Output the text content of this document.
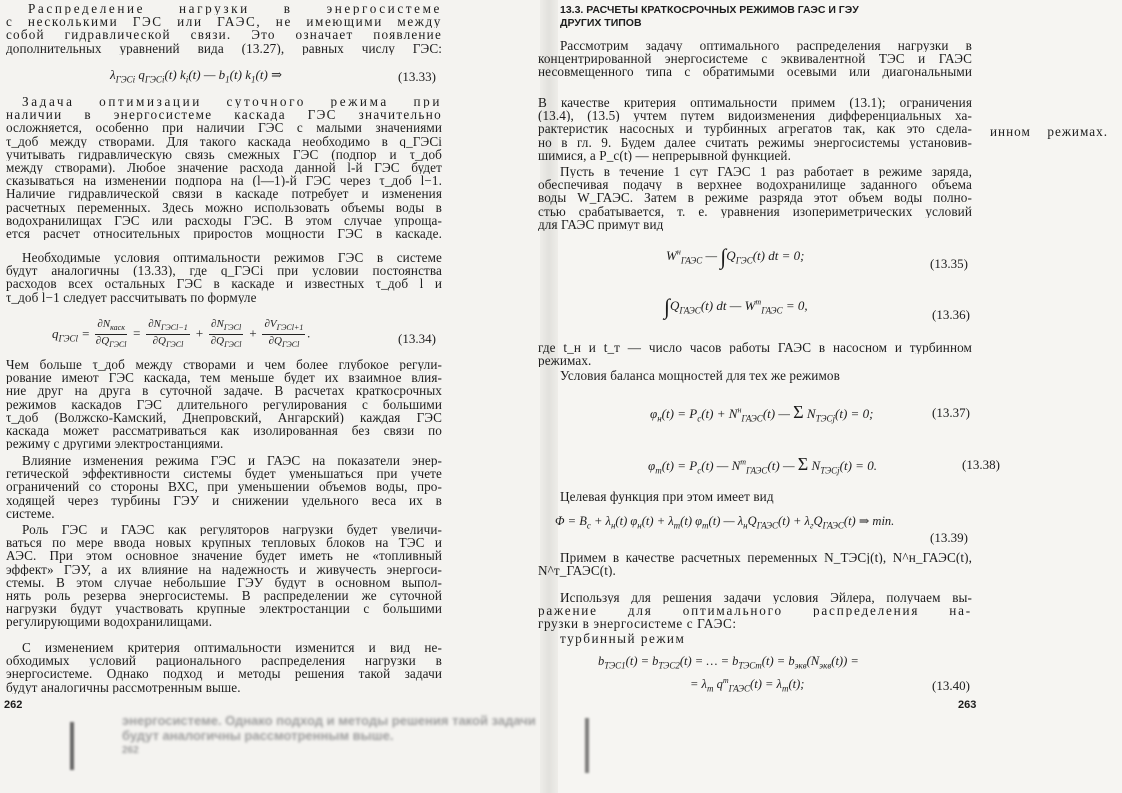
Распределение нагрузки в энергосистеме
с несколькими ГЭС или ГАЭС, не имеющими между
собой гидравлической связи. Это означает появление
дополнительных уравнений вида (13.27), равных числу ГЭС:
$\lambda_{ГЭСi}$ $q_{ГЭСi}(t)$ $k_i(t)$ — $b_1(t)$ $k_1(t)$ ⇒	(13.33)
Задача оптимизации суточного режима при
наличии в энергосистеме каскада ГЭС значительно
осложняется, особенно при наличии ГЭС с малыми значениями
τ_доб между створами. Для такого каскада необходимо в q_ГЭСi
учитывать гидравлическую связь смежных ГЭС (подпор и τ_доб
между створами). Любое значение расхода данной l-й ГЭС будет
сказываться на изменении подпора на (l—1)-й ГЭС через τ_доб l−1.
Наличие гидравлической связи в каскаде потребует и изменения
расчетных переменных. Здесь можно использовать объемы воды в
водохранилищах ГЭС или расходы ГЭС. В этом случае упроща-
ется расчет относительных приростов мощности ГЭС в каскаде.
Необходимые условия оптимальности режимов ГЭС в системе
будут аналогичны (13.33), где q_ГЭСi при условии постоянства
расходов всех остальных ГЭС в каскаде и известных τ_доб l и
τ_доб l−1 следует рассчитывать по формуле
$q_{ГЭСl} = \frac{\partial N_{каск}}{\partial Q_{ГЭСl}} = \frac{\partial N_{ГЭСl-1}}{\partial Q_{ГЭСl}} + \frac{\partial N_{ГЭСl}}{\partial Q_{ГЭСl}} + \frac{\partial V_{ГЭСl+1}}{\partial Q_{ГЭСl}}$ .	(13.34)
Чем больше τ_доб между створами и чем более глубокое регули-
рование имеют ГЭС каскада, тем меньше будет их взаимное влия-
ние друг на друга в суточной задаче. В расчетах краткосрочных
режимов каскадов ГЭС длительного регулирования с большими
τ_доб (Волжско-Камский, Днепровский, Ангарский) каждая ГЭС
каскада может рассматриваться как изолированная без связи по
режиму с другими электростанциями.
Влияние изменения режима ГЭС и ГАЭС на показатели энер-
гетической эффективности системы будет уменьшаться при учете
ограничений со стороны ВХС, при уменьшении объемов воды, про-
ходящей через турбины ГЭУ и снижении удельного веса их в
системе.
Роль ГЭС и ГАЭС как регуляторов нагрузки будет увеличи-
ваться по мере ввода новых крупных тепловых блоков на ТЭС и
АЭС. При этом основное значение будет иметь не «топливный
эффект» ГЭУ, а их влияние на надежность и живучесть энергоси-
стемы. В этом случае небольшие ГЭУ будут в основном выпол-
нять роль резерва энергосистемы. В распределении же суточной
нагрузки будут участвовать крупные электростанции с большими
регулирующими водохранилищами.
С изменением критерия оптимальности изменится и вид не-
обходимых условий рационального распределения нагрузки в
энергосистеме. Однако подход и методы решения такой задачи
будут аналогичны рассмотренным выше.
262
энергосистеме. Однако подход и методы решения такой задачи
будут аналогичны рассмотренным выше.
262
13.3. РАСЧЕТЫ КРАТКОСРОЧНЫХ РЕЖИМОВ ГАЭС И ГЭУ
ДРУГИХ ТИПОВ
Рассмотрим задачу оптимального распределения нагрузки в
концентрированной энергосистеме с эквивалентной ТЭС и ГАЭС
несовмещенного типа с обратимыми осевыми или диагональными
инном режимах.
В качестве критерия оптимальности примем (13.1); ограничения
(13.4), (13.5) учтем путем видоизменения дифференциальных ха-
рактеристик насосных и турбинных агрегатов так, как это сдела-
но в гл. 9. Будем далее считать режимы энергосистемы установив-
шимися, а P_c(t) — непрерывной функцией.
Пусть в течение 1 сут ГАЭС 1 раз работает в режиме заряда,
обеспечивая подачу в верхнее водохранилище заданного объема
воды W_ГАЭС. Затем в режиме разряда этот объем воды полно-
стью срабатывается, т. е. уравнения изопериметрических условий
для ГАЭС примут вид
$W^н_{ГАЭС}$ — $\int Q_{ГЭС}(t)$ dt = 0;
(13.35)
$\int Q_{ГАЭС}(t)$ dt — $W^т_{ГАЭС} = 0$,
(13.36)
где t_н и t_т — число часов работы ГАЭС в насосном и турбинном
режимах.
Условия баланса мощностей для тех же режимов
$\varphi_н(t) = P_с(t) + N^н_{ГАЭС}(t)$ — Σ $N_{ТЭСj}(t) = 0$;	(13.37)
$\varphi_т(t) = P_с(t)$ — $N^т_{ГАЭС}(t)$ — Σ $N_{ТЭСj}(t) = 0$.	(13.38)
Целевая функция при этом имеет вид
$\Phi = B_с + \lambda_н(t) \varphi_н(t) + \lambda_т(t)$ $\varphi_т(t)$ — $\lambda_нQ_{ГАЭС}(t) + \lambda_гQ_{ГАЭС}(t)$ ⇒ min.
(13.39)
Примем в качестве расчетных переменных N_ТЭСj(t), N^н_ГАЭС(t),
N^т_ГАЭС(t).
Используя для решения задачи условия Эйлера, получаем вы-
ражение для оптимального распределения на-
грузки в энергосистеме с ГАЭС:
турбинный режим
$b_{ТЭС1}(t) = b_{ТЭС2}(t)$ = … = $b_{ТЭСm}(t) = b_{экв}(N_{экв}(t))$ =
= $\lambda_т$ $q^т_{ГАЭС}(t) = \lambda_т(t)$;	(13.40)
263
